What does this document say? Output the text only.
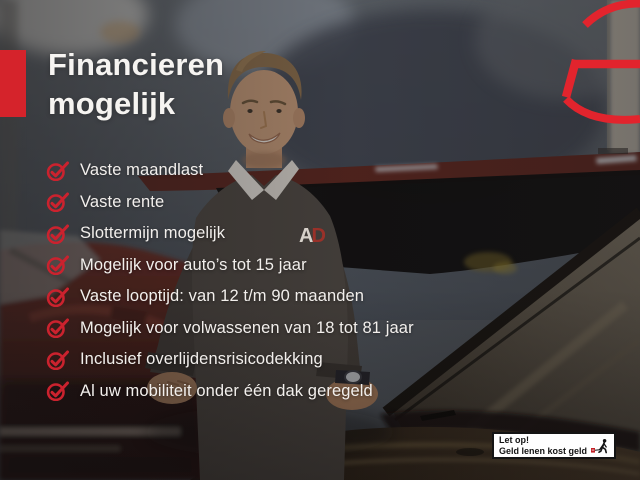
AD
Financieren
mogelijk
Vaste maandlast
Vaste rente
Slottermijn mogelijk
Mogelijk voor auto’s tot 15 jaar
Vaste looptijd: van 12 t/m 90 maanden
Mogelijk voor volwassenen van 18 tot 81 jaar
Inclusief overlijdensrisicodekking
Al uw mobiliteit onder één dak geregeld
Let op!
Geld lenen kost geld
